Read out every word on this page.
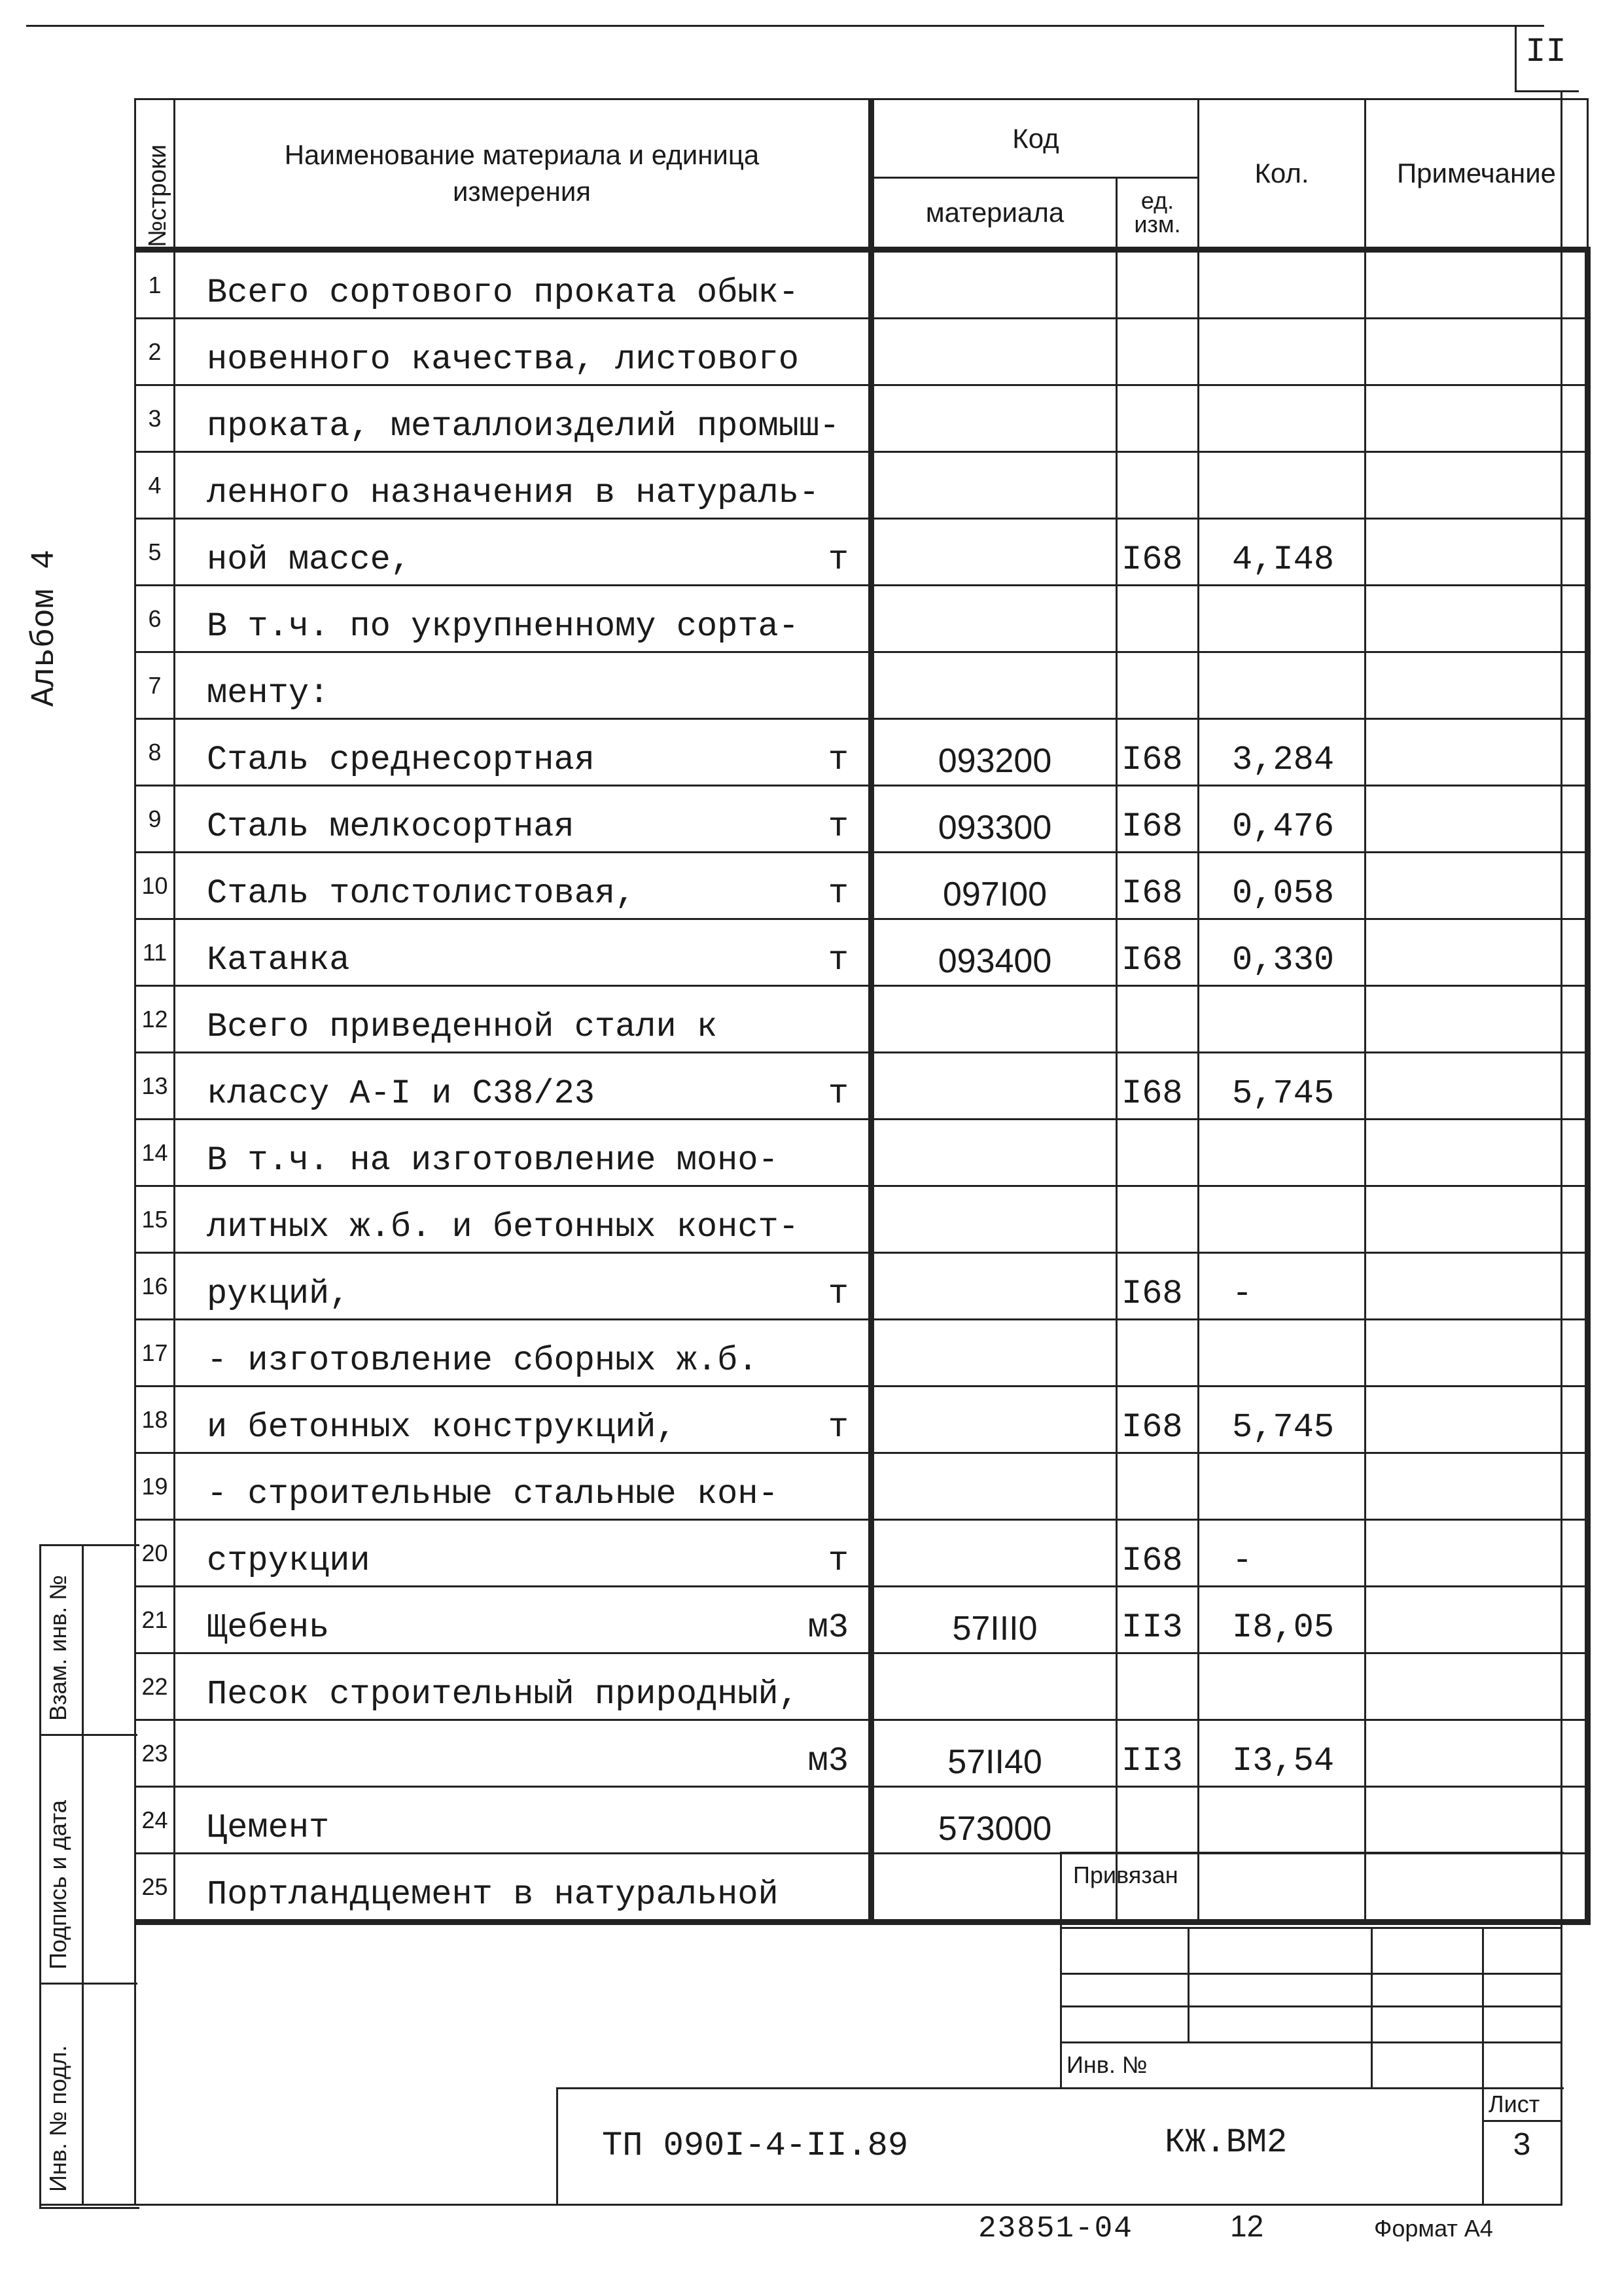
II
Альбом 4
№строки	Наименование материала и единица измерения	Код		Кол.	Примечание
		материала	ед. изм.		
1	Всего сортового проката обык-				

2	новенного качества, листового				

3	проката, металлоизделий промыш-				

4	ленного назначения в натураль-				

5	ной массе, т		I68	4,I48	
6	В т.ч. по укрупненному сорта-				

7	менту:				

8	Сталь среднесортная т	093200	I68	3,284	
9	Сталь мелкосортная т	093300	I68	0,476	
10	Сталь толстолистовая, т	097I00	I68	0,058	
11	Катанка т	093400	I68	0,330	
12	Всего приведенной стали к				

13	классу А-I и С38/23 т		I68	5,745	
14	В т.ч. на изготовление моно-				

15	литных ж.б. и бетонных конст-				

16	рукций, т		I68	-	
17	- изготовление сборных ж.б.				

18	и бетонных конструкций, т		I68	5,745	
19	- строительные стальные кон-				

20	струкции т		I68	-	
21	Щебень м3	57III0	II3	I8,05	
22	Песок строительный природный,				

23	м3	57II40	II3	I3,54	
24	Цемент	573000			
25	Портландцемент в натуральной				

Взам. инв. №
Подпись и дата
Инв. № подл.
Привязан
Инв. №
ТП 090I-4-II.89	КЖ.ВМ2
Лист
3
23851-04	12	Формат А4
